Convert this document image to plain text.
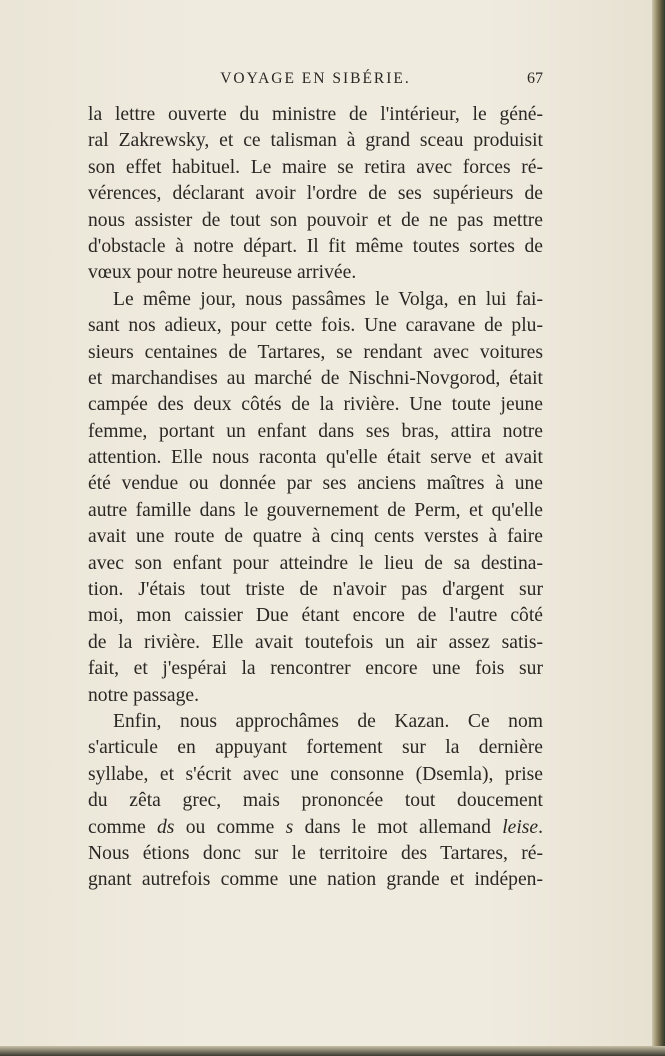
VOYAGE EN SIBÉRIE.	67
la lettre ouverte du ministre de l'intérieur, le géné-
ral Zakrewsky, et ce talisman à grand sceau produisit
son effet habituel. Le maire se retira avec forces ré-
vérences, déclarant avoir l'ordre de ses supérieurs de
nous assister de tout son pouvoir et de ne pas mettre
d'obstacle à notre départ. Il fit même toutes sortes de
vœux pour notre heureuse arrivée.
Le même jour, nous passâmes le Volga, en lui fai-
sant nos adieux, pour cette fois. Une caravane de plu-
sieurs centaines de Tartares, se rendant avec voitures
et marchandises au marché de Nischni-Novgorod, était
campée des deux côtés de la rivière. Une toute jeune
femme, portant un enfant dans ses bras, attira notre
attention. Elle nous raconta qu'elle était serve et avait
été vendue ou donnée par ses anciens maîtres à une
autre famille dans le gouvernement de Perm, et qu'elle
avait une route de quatre à cinq cents verstes à faire
avec son enfant pour atteindre le lieu de sa destina-
tion. J'étais tout triste de n'avoir pas d'argent sur
moi, mon caissier Due étant encore de l'autre côté
de la rivière. Elle avait toutefois un air assez satis-
fait, et j'espérai la rencontrer encore une fois sur
notre passage.
Enfin, nous approchâmes de Kazan. Ce nom
s'articule en appuyant fortement sur la dernière
syllabe, et s'écrit avec une consonne (Dsemla), prise
du zêta grec, mais prononcée tout doucement
comme ds ou comme s dans le mot allemand leise.
Nous étions donc sur le territoire des Tartares, ré-
gnant autrefois comme une nation grande et indépen-
